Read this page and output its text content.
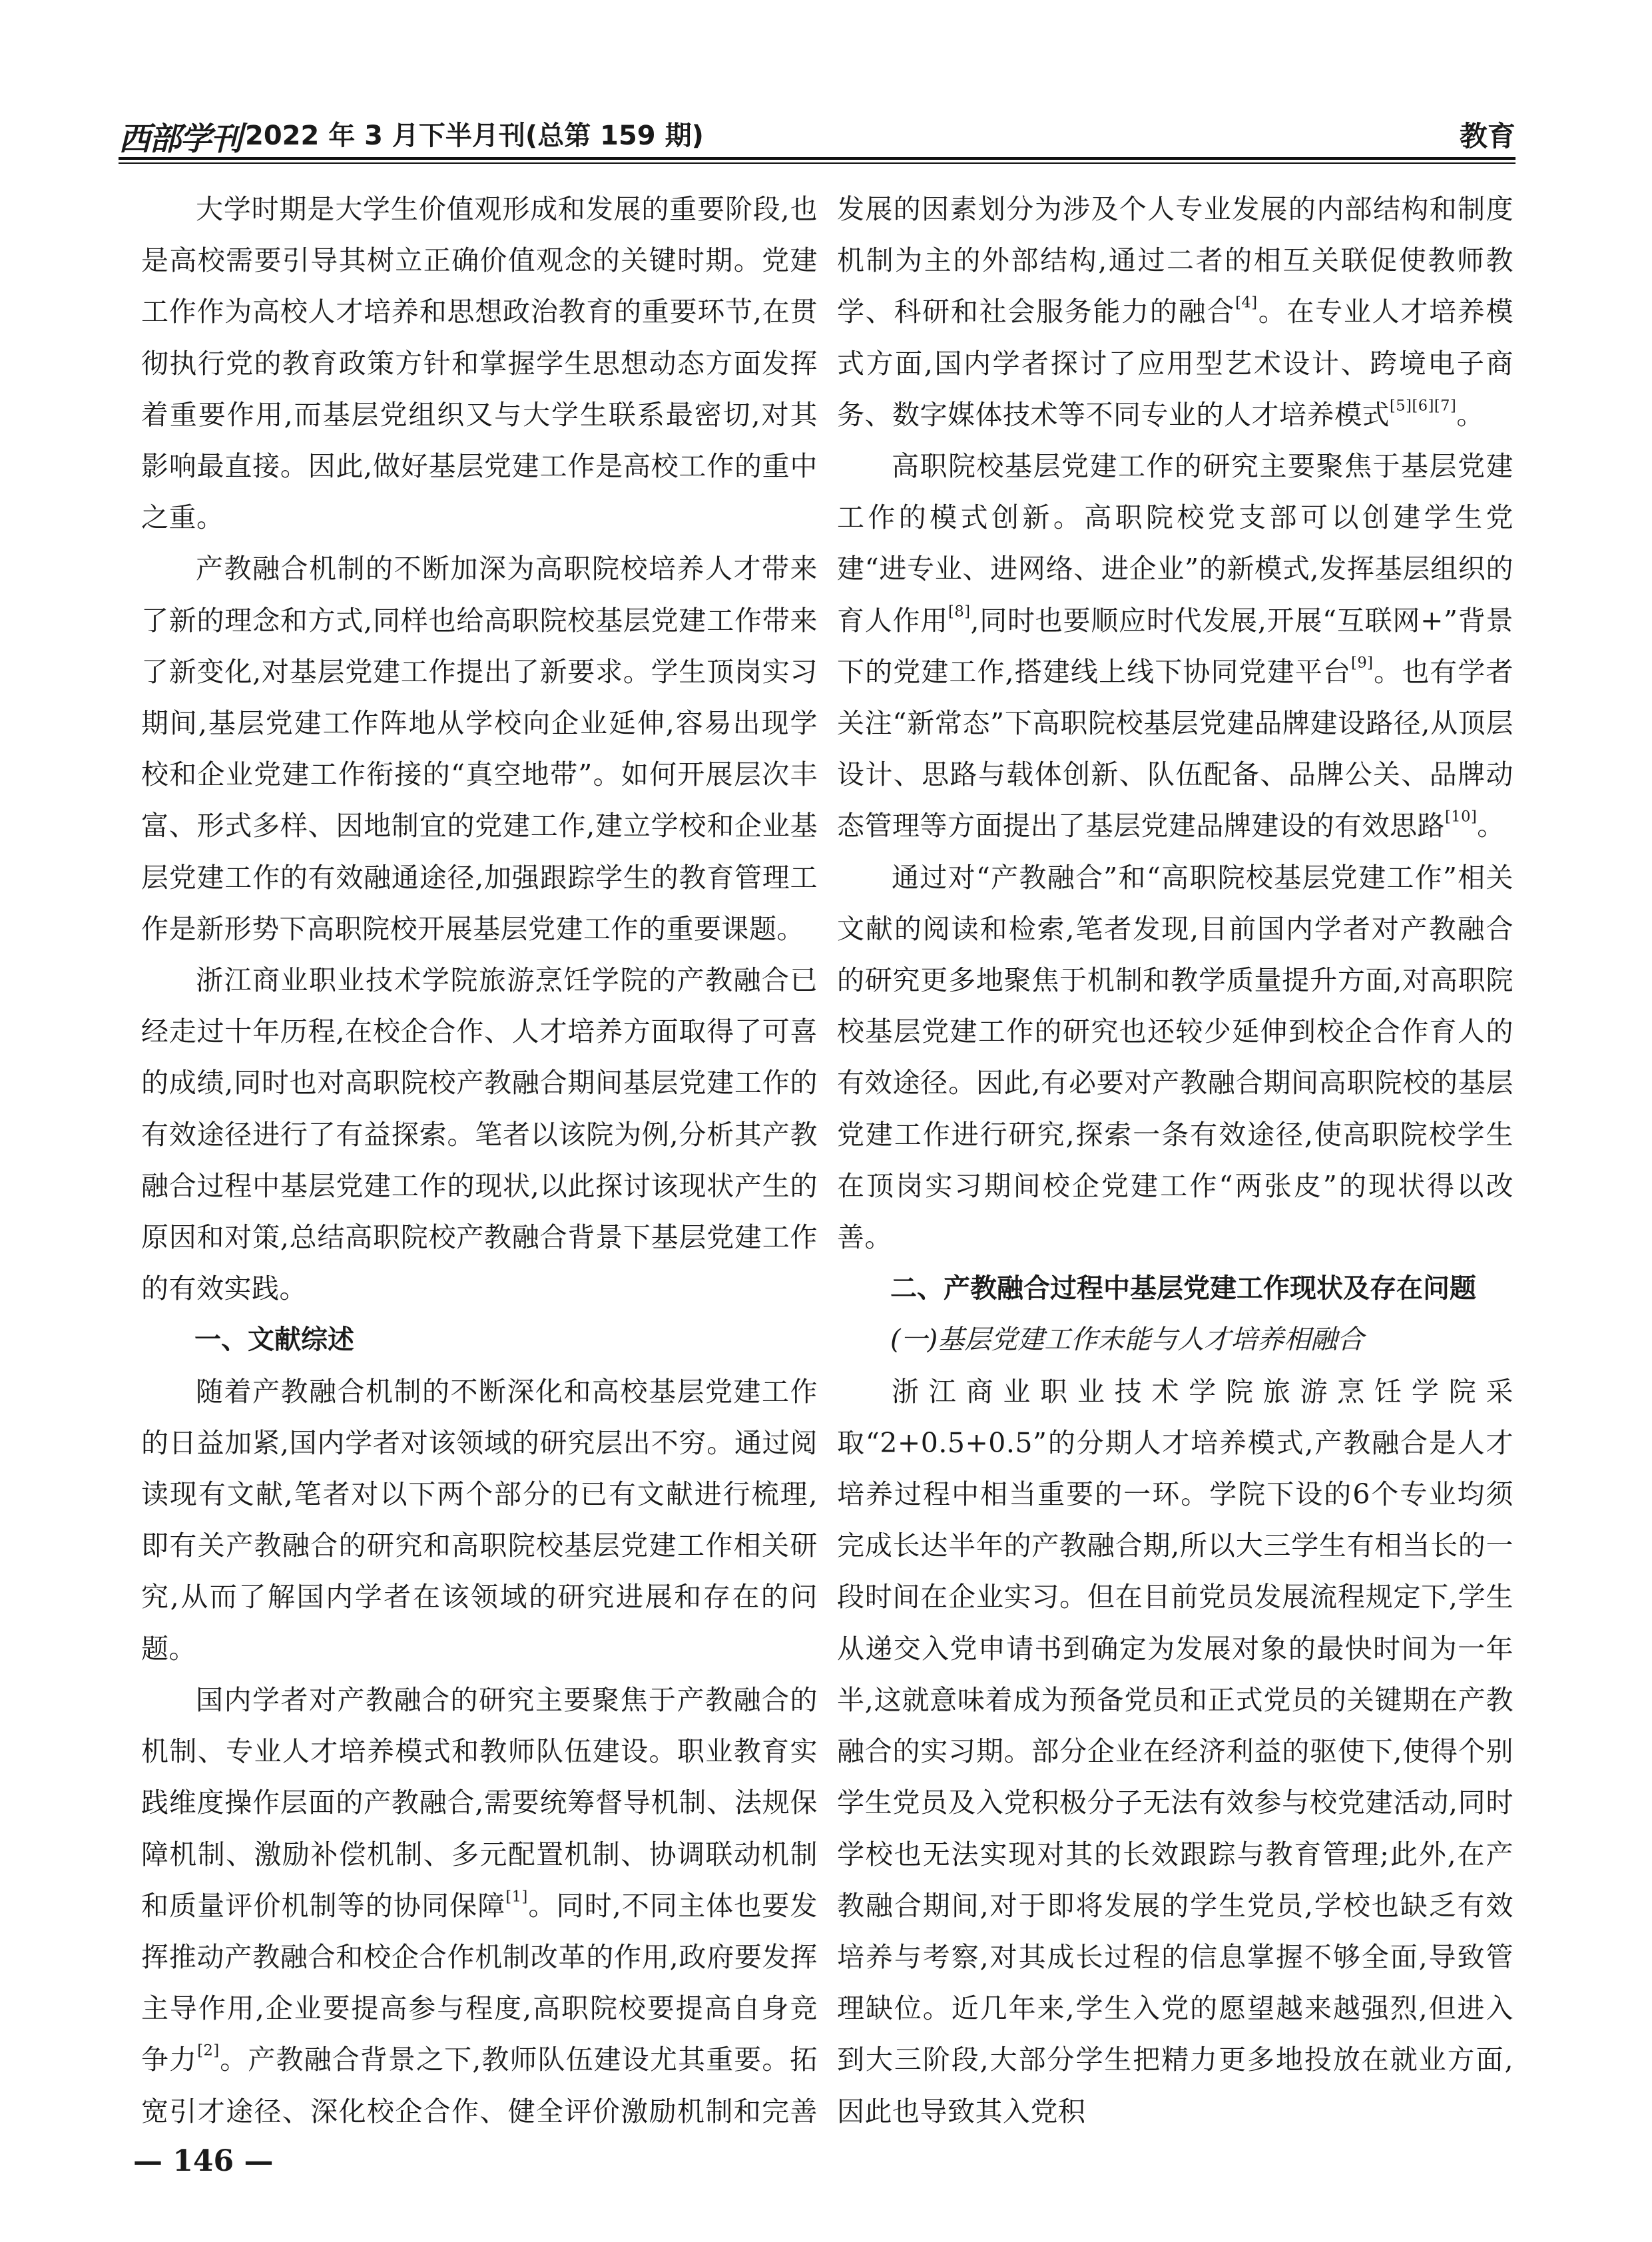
西部学刊 2022 年 3 月下半月刊(总第 159 期)	教育

大学时期是大学生价值观形成和发展的重要阶段,也是高校需要引导其树立正确价值观念的关键时期。党建工作作为高校人才培养和思想政治教育的重要环节,在贯彻执行党的教育政策方针和掌握学生思想动态方面发挥着重要作用,而基层党组织又与大学生联系最密切,对其影响最直接。因此,做好基层党建工作是高校工作的重中之重。

产教融合机制的不断加深为高职院校培养人才带来了新的理念和方式,同样也给高职院校基层党建工作带来了新变化,对基层党建工作提出了新要求。学生顶岗实习期间,基层党建工作阵地从学校向企业延伸,容易出现学校和企业党建工作衔接的“真空地带”。如何开展层次丰富、形式多样、因地制宜的党建工作,建立学校和企业基层党建工作的有效融通途径,加强跟踪学生的教育管理工作是新形势下高职院校开展基层党建工作的重要课题。

浙江商业职业技术学院旅游烹饪学院的产教融合已经走过十年历程,在校企合作、人才培养方面取得了可喜的成绩,同时也对高职院校产教融合期间基层党建工作的有效途径进行了有益探索。笔者以该院为例,分析其产教融合过程中基层党建工作的现状,以此探讨该现状产生的原因和对策,总结高职院校产教融合背景下基层党建工作的有效实践。

一、文献综述

随着产教融合机制的不断深化和高校基层党建工作的日益加紧,国内学者对该领域的研究层出不穷。通过阅读现有文献,笔者对以下两个部分的已有文献进行梳理,即有关产教融合的研究和高职院校基层党建工作相关研究,从而了解国内学者在该领域的研究进展和存在的问题。

国内学者对产教融合的研究主要聚焦于产教融合的机制、专业人才培养模式和教师队伍建设。职业教育实践维度操作层面的产教融合,需要统筹督导机制、法规保障机制、激励补偿机制、多元配置机制、协调联动机制和质量评价机制等的协同保障[1]。同时,不同主体也要发挥推动产教融合和校企合作机制改革的作用,政府要发挥主导作用,企业要提高参与程度,高职院校要提高自身竞争力[2]。产教融合背景之下,教师队伍建设尤其重要。拓宽引才途径、深化校企合作、健全评价激励机制和完善

发展的因素划分为涉及个人专业发展的内部结构和制度机制为主的外部结构,通过二者的相互关联促使教师教学、科研和社会服务能力的融合[4]。在专业人才培养模式方面,国内学者探讨了应用型艺术设计、跨境电子商务、数字媒体技术等不同专业的人才培养模式[5][6][7]。

高职院校基层党建工作的研究主要聚焦于基层党建工作的模式创新。高职院校党支部可以创建学生党建“进专业、进网络、进企业”的新模式,发挥基层组织的育人作用[8],同时也要顺应时代发展,开展“互联网+”背景下的党建工作,搭建线上线下协同党建平台[9]。也有学者关注“新常态”下高职院校基层党建品牌建设路径,从顶层设计、思路与载体创新、队伍配备、品牌公关、品牌动态管理等方面提出了基层党建品牌建设的有效思路[10]。

通过对“产教融合”和“高职院校基层党建工作”相关文献的阅读和检索,笔者发现,目前国内学者对产教融合的研究更多地聚焦于机制和教学质量提升方面,对高职院校基层党建工作的研究也还较少延伸到校企合作育人的有效途径。因此,有必要对产教融合期间高职院校的基层党建工作进行研究,探索一条有效途径,使高职院校学生在顶岗实习期间校企党建工作“两张皮”的现状得以改善。

二、产教融合过程中基层党建工作现状及存在问题

(一)基层党建工作未能与人才培养相融合

浙江商业职业技术学院旅游烹饪学院采取“2+0.5+0.5”的分期人才培养模式,产教融合是人才培养过程中相当重要的一环。学院下设的6个专业均须完成长达半年的产教融合期,所以大三学生有相当长的一段时间在企业实习。但在目前党员发展流程规定下,学生从递交入党申请书到确定为发展对象的最快时间为一年半,这就意味着成为预备党员和正式党员的关键期在产教融合的实习期。部分企业在经济利益的驱使下,使得个别学生党员及入党积极分子无法有效参与校党建活动,同时学校也无法实现对其的长效跟踪与教育管理;此外,在产教融合期间,对于即将发展的学生党员,学校也缺乏有效培养与考察,对其成长过程的信息掌握不够全面,导致管理缺位。近几年来,学生入党的愿望越来越强烈,但进入到大三阶段,大部分学生把精力更多地投放在就业方面,因此也导致其入党积

— 146 —
